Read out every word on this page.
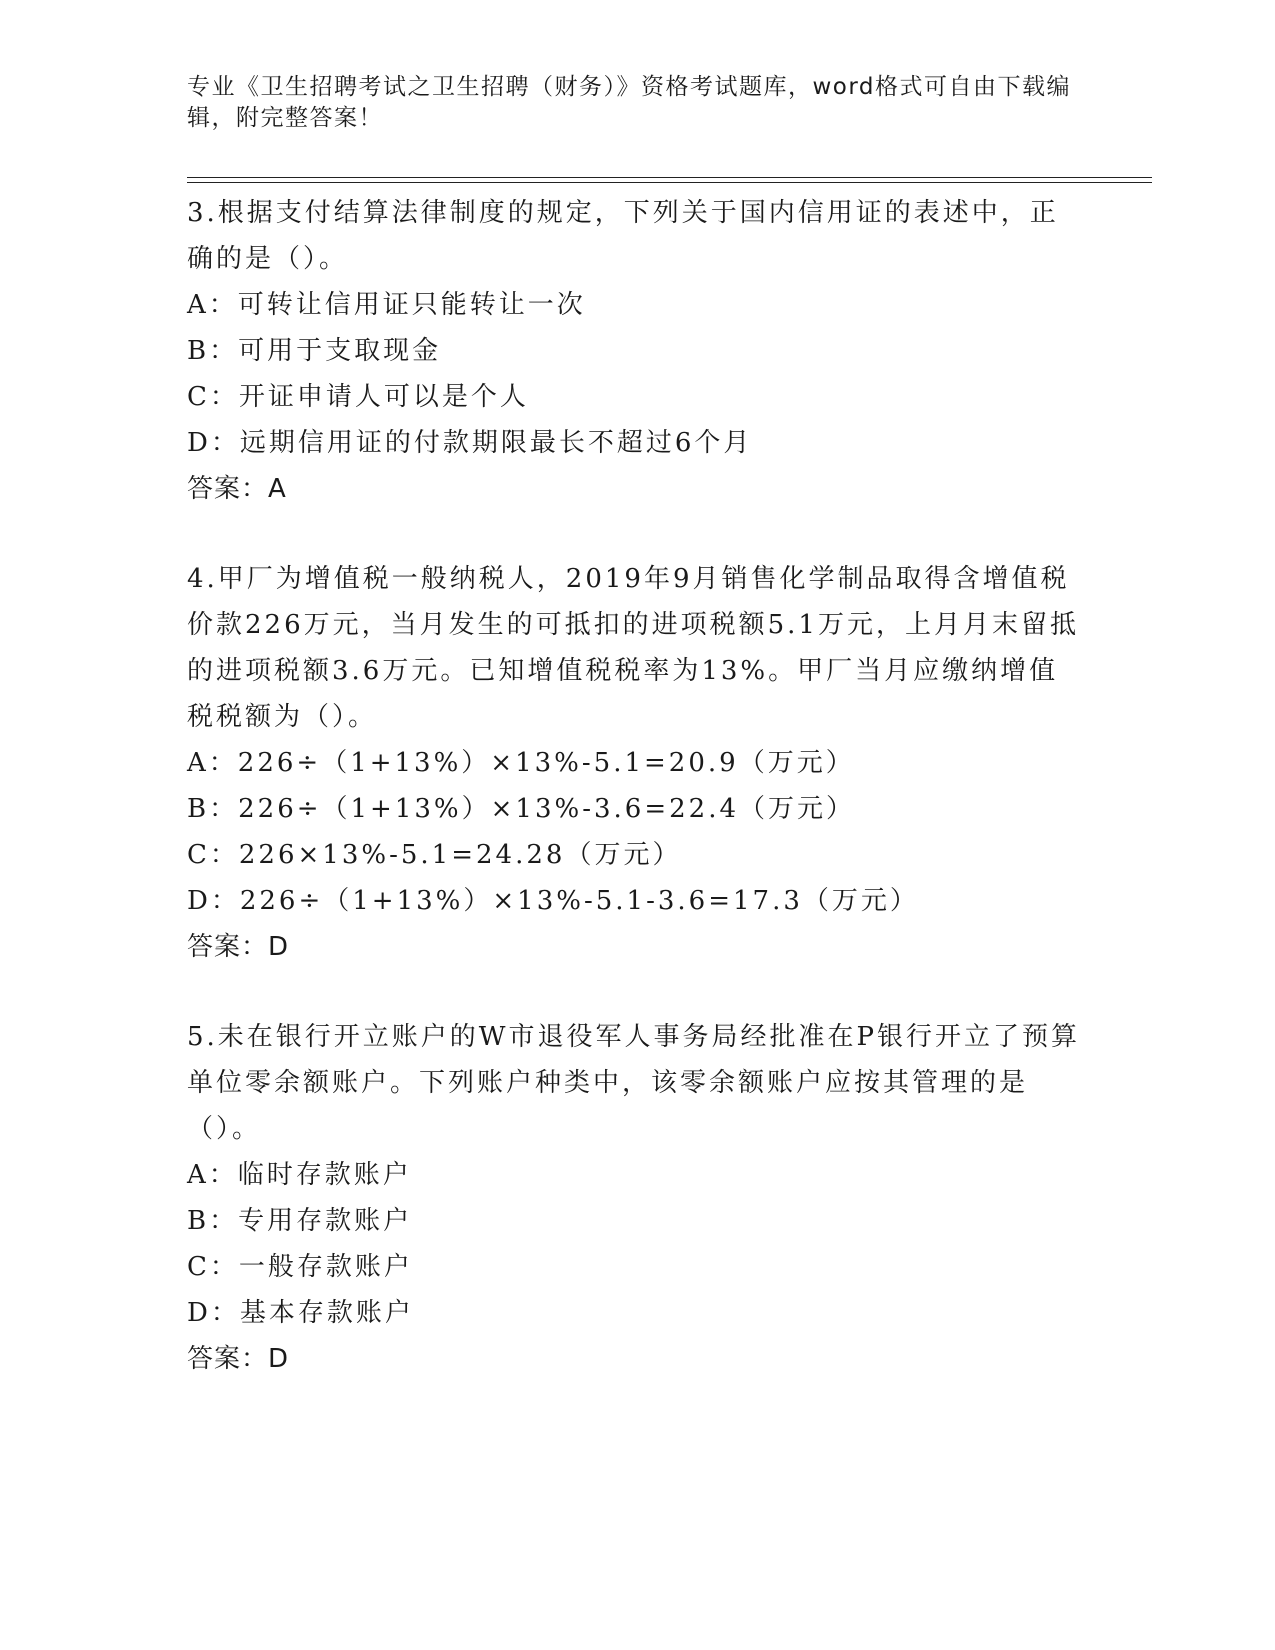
专业《卫生招聘考试之卫生招聘（财务）》资格考试题库，word格式可自由下载编辑，附完整答案！
3.根据支付结算法律制度的规定，下列关于国内信用证的表述中，正确的是（）。
A：可转让信用证只能转让一次
B：可用于支取现金
C：开证申请人可以是个人
D：远期信用证的付款期限最长不超过6个月
答案：A
4.甲厂为增值税一般纳税人，2019年9月销售化学制品取得含增值税价款226万元，当月发生的可抵扣的进项税额5.1万元，上月月末留抵的进项税额3.6万元。已知增值税税率为13%。甲厂当月应缴纳增值税税额为（）。
A：226÷（1+13%）×13%-5.1=20.9（万元）
B：226÷（1+13%）×13%-3.6=22.4（万元）
C：226×13%-5.1=24.28（万元）
D：226÷（1+13%）×13%-5.1-3.6=17.3（万元）
答案：D
5.未在银行开立账户的W市退役军人事务局经批准在P银行开立了预算单位零余额账户。下列账户种类中，该零余额账户应按其管理的是（）。
A：临时存款账户
B：专用存款账户
C：一般存款账户
D：基本存款账户
答案：D
